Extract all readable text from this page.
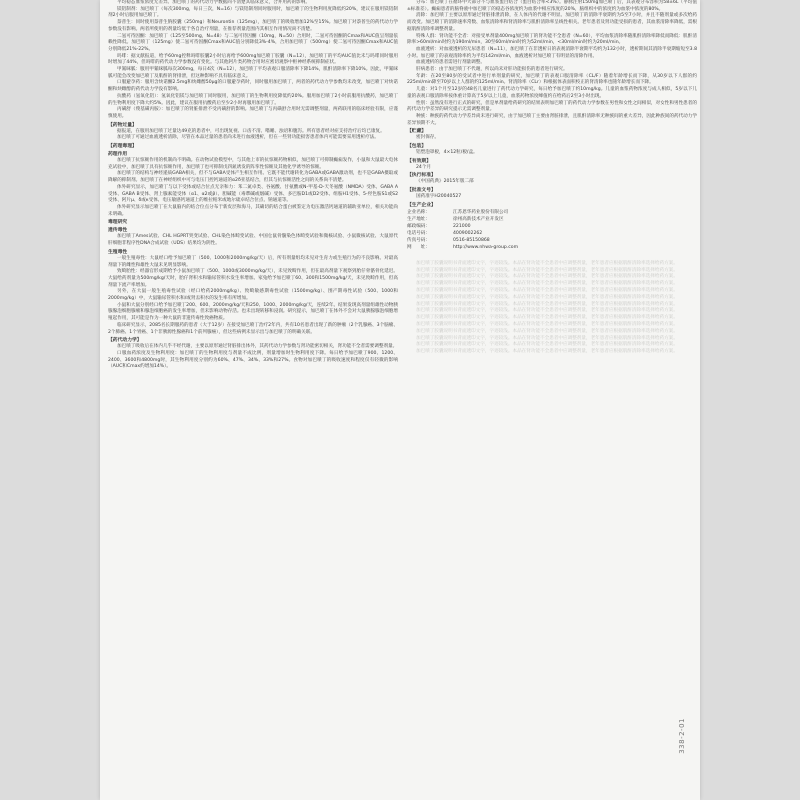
平均稳态血浆浓度无差异。加巴喷丁的药代动力学数据尚不清楚其临床意义，合并用药的影响。
镁铝制剂：加巴喷丁（每次300mg，每日三次，N=16）与镁铝制剂同时服用时，加巴喷丁的生物利用度降低约20%，建议在服用镁铝制剂2小时后服用加巴喷丁。
萘普生：同时使用萘普生钠胶囊（250mg）和Neurontin（125mg），加巴喷丁的吸收增加12%至15%。加巴喷丁对萘普生的药代动力学参数没有影响。两者所使用的剂量均低于各自治疗剂量，在推荐剂量范围内其相互作用情况尚不清楚。
二氢可待因酮：加巴喷丁（125至500mg，N=48）与二氢可待因酮（10mg，N=50）合用时，二氢可待因酮的Cmax和AUC值呈剂量依赖性降低。加巴喷丁（125mg）使二氢可待因酮Cmax和AUC值分别降低3%-4%，合用加巴喷丁（500mg）使二氢可待因酮Cmax和AUC值分别降低21%-22%。
吗啡：据文献报道，给予60mg控释吗啡胶囊2小时后再给予600mg加巴喷丁胶囊（N=12），加巴喷丁的平均AUC值比未与吗啡同时服用时增加了44%，但吗啡的药代动力学参数没有变化。与其他阿片类药物合用时应密切观察中枢神经系统抑制症状。
甲氰咪胍：服用甲氰咪胍每次300mg，每日4次（N=12），加巴喷丁平均表观口服清除率下降14%，肌酐清除率下降10%。因此，甲氰咪胍可能会改变加巴喷丁及肌酐的肾排泄，但这种影响不具有临床意义。
口服避孕药：服用含炔诺酮2.5mg和炔雌醇50μg的口服避孕药时，同时服用加巴喷丁，两者的药代动力学参数均未改变，加巴喷丁对炔诺酮和炔雌醇的药代动力学没有影响。
抗酸药（氢氧化铝）：氢氧化铝镁与加巴喷丁同时服用，加巴喷丁的生物利用度降低约20%。服用加巴喷丁2小时前服用抗酸药，加巴喷丁的生物利用度下降大约5%。因此，建议在服用抗酸药后至少2小时再服用加巴喷丁。
丙磺舒（羧基磺丙胺）：加巴喷丁的肾脏排泄不受丙磺舒的影响。加巴喷丁与丙磺舒合用时无需调整剂量，两药联用的临床经验有限，应谨慎使用。
【药物过量】
据报道，在服用加巴喷丁过量达49克的患者中，可出现复视、口齿不清、嗜睡、浊语和腹泻。所有患者经对症支持治疗后均已康复。
加巴喷丁可通过血液透析清除，尽管在本品过量的患者尚未进行血液透析，但在一些肾功能损害患者体内可能需要采用透析疗法。
【药理毒理】
药理作用
加巴喷丁抗惊厥作用的机制尚不明确。在动物试验模型中，与其他上市的抗惊厥药物相似，加巴喷丁可抑制癫痫发作，小鼠和大鼠最大电休克试验中，加巴喷丁具有抗惊厥作用，加巴喷丁也可抑制戊四氮诱发的阵挛性惊厥及其他化学诱导的惊厥。
加巴喷丁的结构与神经递质GABA相关，但不与GABA受体产生相互作用。它既不能代谢转化为GABA或GABA激动剂，也不是GABA摄取或降解的抑制剂。加巴喷丁在神经组织中可与电压门控钙通道的α2δ亚基结合，但其与抗惊厥活性之间的关系尚不清楚。
体外研究显示，加巴喷丁与以下受体或结合位点无亲和力：苯二氮卓类、谷氨酸、甘氨酸或N-甲基-D-天冬氨酸（NMDA）受体、GABA A受体、GABA B受体、肾上腺素能受体（α1、α2或β）、胆碱能（毒蕈碱或烟碱）受体、多巴胺D1或D2受体、组胺H1受体、5-羟色胺S1或S2受体、阿片μ、δ或κ受体、电压敏感钙通道上的维拉帕米或地尔硫卓结合位点、钠通道等。
体外研究显示加巴喷丁在大鼠脑内的结合位点分布于新皮层和海马，其确切的结合蛋白被鉴定为电压激活钙通道的辅助亚单位，相关功能尚未明确。
毒理研究
遗传毒性
加巴喷丁Ames试验、CHL HGPRT突变试验、CHL染色体畸变试验、中国仓鼠骨髓染色体畸变试验和微核试验、小鼠微核试验、大鼠原代肝细胞非程序性DNA合成试验（UDS）结果均为阴性。
生殖毒性
一般生殖毒性：大鼠经口给予加巴喷丁（500、1000和2000mg/kg/天）后，所有剂量组均未见对生育力或生殖行为的不良影响。对最高剂量下的雌性和雄性大鼠未见明显影响。
致畸胎性：经器官形成期给予小鼠加巴喷丁（500、1000或3000mg/kg/天），未见致畸作用，但在最高剂量下观察到胎仔骨骼骨化延迟。大鼠给药剂量为500mg/kg/天时，胎仔肾积水和输尿管积水发生率增加。家兔给予加巴喷丁60、300和1500mg/kg/天，未见致畸作用，但高剂量下流产率增加。
另外，在大鼠一般生殖毒性试验（经口给药2000mg/kg）、致畸敏感期毒性试验（1500mg/kg）、围产期毒性试验（500、1000和2000mg/kg）中，大鼠输尿管积水和/或肾盂积水的发生率有所增加。
小鼠和大鼠分别经口给予加巴喷丁200、600、2000mg/kg/天和250、1000、2000mg/kg/天，连续2年。结果发现高剂量组雄性动物胰腺腺泡细胞腺瘤和腺泡细胞癌的发生率增加，但未影响动物存活。也未出现转移和浸润。研究提示，加巴喷丁在体外不会对大鼠胰腺腺泡细胞增殖起作用，其可能是作为一种大鼠的非遗传毒性致癌物质。
临床研究显示，2085名长期服药的患者（大于12岁）在接受加巴喷丁治疗2年内，共有10名患者出现了新的肿瘤（2个乳腺癌、3个脑瘤、2个肺癌、1个胃癌、1个非胰源性腺癌和1个前列腺癌），但这些病例未显示出与加巴喷丁的明确关联。
【药代动力学】
加巴喷丁吸收后在体内几乎不经代谢，主要以原形通过肾脏排出体外，其药代动力学参数与肾功能密切相关，肾功能不全者需要调整剂量。
口服血药浓度及生物利用度：加巴喷丁的生物利用度与剂量不成比例，剂量增加时生物利用度下降。每日给予加巴喷丁900、1200、2400、3600和4800mg时，其生物利用度分别约为60%、47%、34%、33%和27%。食物对加巴喷丁的吸收速度和程度仅有轻微的影响（AUC和Cmax约增加14%）。
分布：加巴喷丁在循环中大部分不与血浆蛋白结合（蛋白结合率<3%）。静脉注射150mg加巴喷丁后，其表观分布容积为58±6L（平均值±标准差）。癫痫患者的脑脊液中加巴喷丁的稳态谷浓度约为血浆中相应浓度的20%，脑组织中的浓度约为血浆中浓度的80%。
消除：加巴喷丁主要以原形通过肾脏排泄消除，在人体内的代谢不明显。加巴喷丁的消除半衰期约为5至7小时，并且不随剂量或多次给药而改变。加巴喷丁的消除速率常数、血浆清除率和肾清除率与肌酐清除率呈线性相关。老年患者及肾功能受损的患者，其血浆清除率降低，需根据肌酐清除率调整剂量。
特殊人群：肾功能不全者：对接受单剂量400mg加巴喷丁的肾功能不全患者（N=60），平均血浆清除率随肌酐清除率降低而降低：肌酐清除率>60ml/min时约为190ml/min，30至60ml/min时约为52ml/min，<30ml/min时约为20ml/min。
血液透析：对血液透析的无尿患者（N=11），加巴喷丁在非透析日的表观消除半衰期平均约为132小时，透析期间其消除半衰期缩短至3.8小时。加巴喷丁的表观清除率约为平均142ml/min，血液透析对加巴喷丁有明显的清除作用。
血液透析的患者需进行剂量调整。
肝病患者：由于加巴喷丁不代谢，所以尚未对肝功能损伤的患者进行研究。
年龄：在20至80岁的受试者中进行单剂量的研究，加巴喷丁的表观口服清除率（CL/F）随着年龄增长而下降，从30岁以下人群的约225ml/min降至70岁以上人群的约125ml/min。肾清除率（CLr）和根据体表面积校正的肾清除率也随年龄增长而下降。
儿童：对1个月至12岁的48名儿童进行了药代动力学研究，每日给予加巴喷丁约10mg/kg。儿童的血浆药物浓度与成人相似，5岁以下儿童的表观口服清除率按体重计算高于5岁以上儿童，血浆药物浓度峰值约在给药后2至3小时出现。
性别：虽然没有进行正式的研究，但是单剂量给药研究的结果表明加巴喷丁的药代动力学参数在男性和女性之间相似，对女性和男性患者的药代动力学差异的研究提示无需调整剂量。
种族：种族的药代动力学差异尚未进行研究，由于加巴喷丁主要由肾脏排泄，且肌酐清除率无种族间的重大差异，因此种族间的药代动力学差异预期不大。
【贮藏】
密封保存。
【包装】
铝塑泡罩板，4×12粒/板/盒。
【有效期】
24个月
【执行标准】
《中国药典》2015年版二部
【批准文号】
国药准字H20040527
【生产企业】
企业名称：	江苏恩华药业股份有限公司
生产地址：	徐州高新技术产业开发区
邮政编码：	221000
电话号码：	4009002262
传真号码：	0516-85150868
网　　址：	http://www.nhwa-group.com
加巴喷丁胶囊说明书背面透印文字，字迹较浅。本品在肾功能不全患者中应调整剂量，老年患者应根据肌酐清除率选择给药方案。
加巴喷丁胶囊说明书背面透印文字，字迹较浅。本品在肾功能不全患者中应调整剂量，老年患者应根据肌酐清除率选择给药方案。
加巴喷丁胶囊说明书背面透印文字，字迹较浅。本品在肾功能不全患者中应调整剂量，老年患者应根据肌酐清除率选择给药方案。
加巴喷丁胶囊说明书背面透印文字，字迹较浅。本品在肾功能不全患者中应调整剂量，老年患者应根据肌酐清除率选择给药方案。
加巴喷丁胶囊说明书背面透印文字，字迹较浅。本品在肾功能不全患者中应调整剂量，老年患者应根据肌酐清除率选择给药方案。
加巴喷丁胶囊说明书背面透印文字，字迹较浅。本品在肾功能不全患者中应调整剂量，老年患者应根据肌酐清除率选择给药方案。
加巴喷丁胶囊说明书背面透印文字，字迹较浅。本品在肾功能不全患者中应调整剂量，老年患者应根据肌酐清除率选择给药方案。
加巴喷丁胶囊说明书背面透印文字，字迹较浅。本品在肾功能不全患者中应调整剂量，老年患者应根据肌酐清除率选择给药方案。
加巴喷丁胶囊说明书背面透印文字，字迹较浅。本品在肾功能不全患者中应调整剂量，老年患者应根据肌酐清除率选择给药方案。
加巴喷丁胶囊说明书背面透印文字，字迹较浅。本品在肾功能不全患者中应调整剂量，老年患者应根据肌酐清除率选择给药方案。
加巴喷丁胶囊说明书背面透印文字，字迹较浅。本品在肾功能不全患者中应调整剂量，老年患者应根据肌酐清除率选择给药方案。
加巴喷丁胶囊说明书背面透印文字，字迹较浅。本品在肾功能不全患者中应调整剂量，老年患者应根据肌酐清除率选择给药方案。
加巴喷丁胶囊说明书背面透印文字，字迹较浅。本品在肾功能不全患者中应调整剂量，老年患者应根据肌酐清除率选择给药方案。
加巴喷丁胶囊说明书背面透印文字，字迹较浅。本品在肾功能不全患者中应调整剂量，老年患者应根据肌酐清除率选择给药方案。
338-2-01
